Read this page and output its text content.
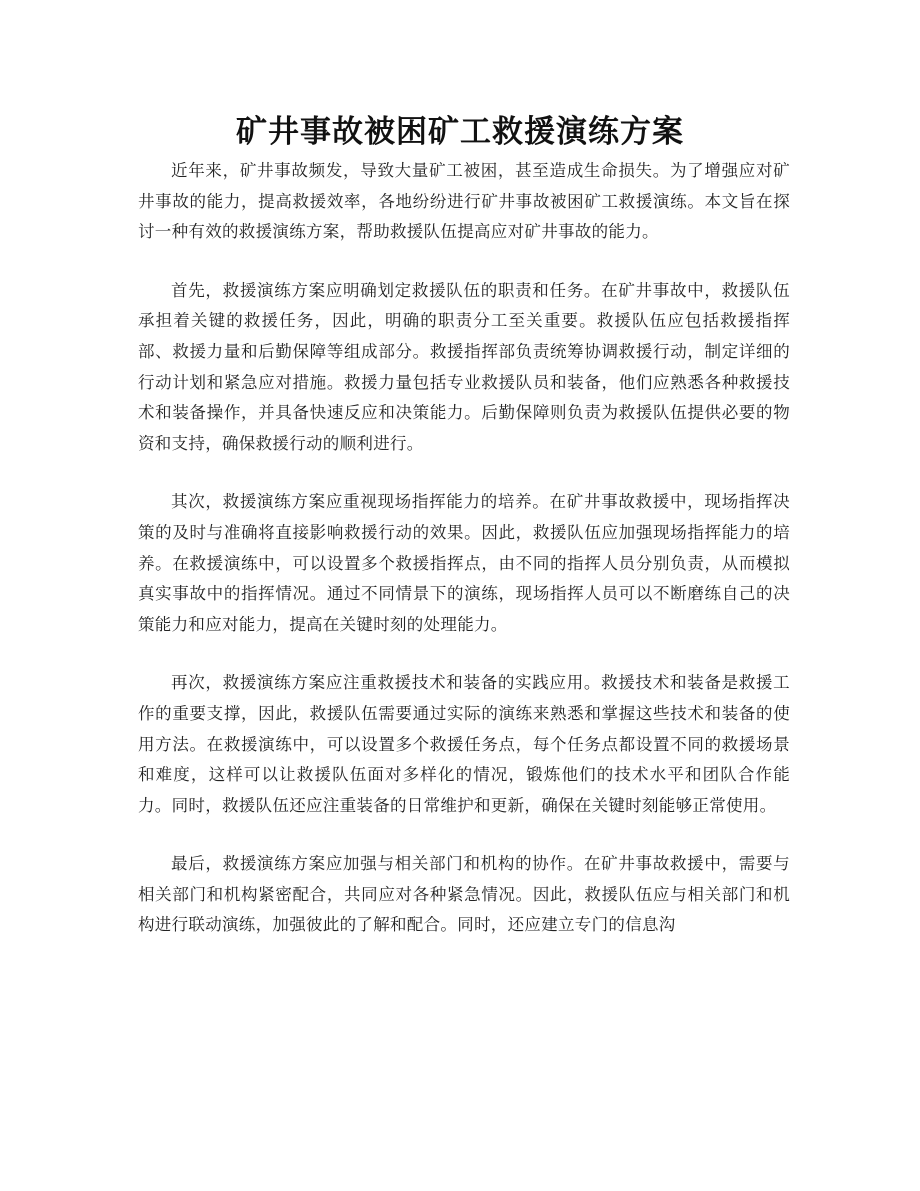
矿井事故被困矿工救援演练方案

近年来，矿井事故频发，导致大量矿工被困，甚至造成生命损失。为了增强应对矿井事故的能力，提高救援效率，各地纷纷进行矿井事故被困矿工救援演练。本文旨在探讨一种有效的救援演练方案，帮助救援队伍提高应对矿井事故的能力。

首先，救援演练方案应明确划定救援队伍的职责和任务。在矿井事故中，救援队伍承担着关键的救援任务，因此，明确的职责分工至关重要。救援队伍应包括救援指挥部、救援力量和后勤保障等组成部分。救援指挥部负责统筹协调救援行动，制定详细的行动计划和紧急应对措施。救援力量包括专业救援队员和装备，他们应熟悉各种救援技术和装备操作，并具备快速反应和决策能力。后勤保障则负责为救援队伍提供必要的物资和支持，确保救援行动的顺利进行。

其次，救援演练方案应重视现场指挥能力的培养。在矿井事故救援中，现场指挥决策的及时与准确将直接影响救援行动的效果。因此，救援队伍应加强现场指挥能力的培养。在救援演练中，可以设置多个救援指挥点，由不同的指挥人员分别负责，从而模拟真实事故中的指挥情况。通过不同情景下的演练，现场指挥人员可以不断磨练自己的决策能力和应对能力，提高在关键时刻的处理能力。

再次，救援演练方案应注重救援技术和装备的实践应用。救援技术和装备是救援工作的重要支撑，因此，救援队伍需要通过实际的演练来熟悉和掌握这些技术和装备的使用方法。在救援演练中，可以设置多个救援任务点，每个任务点都设置不同的救援场景和难度，这样可以让救援队伍面对多样化的情况，锻炼他们的技术水平和团队合作能力。同时，救援队伍还应注重装备的日常维护和更新，确保在关键时刻能够正常使用。

最后，救援演练方案应加强与相关部门和机构的协作。在矿井事故救援中，需要与相关部门和机构紧密配合，共同应对各种紧急情况。因此，救援队伍应与相关部门和机构进行联动演练，加强彼此的了解和配合。同时，还应建立专门的信息沟
